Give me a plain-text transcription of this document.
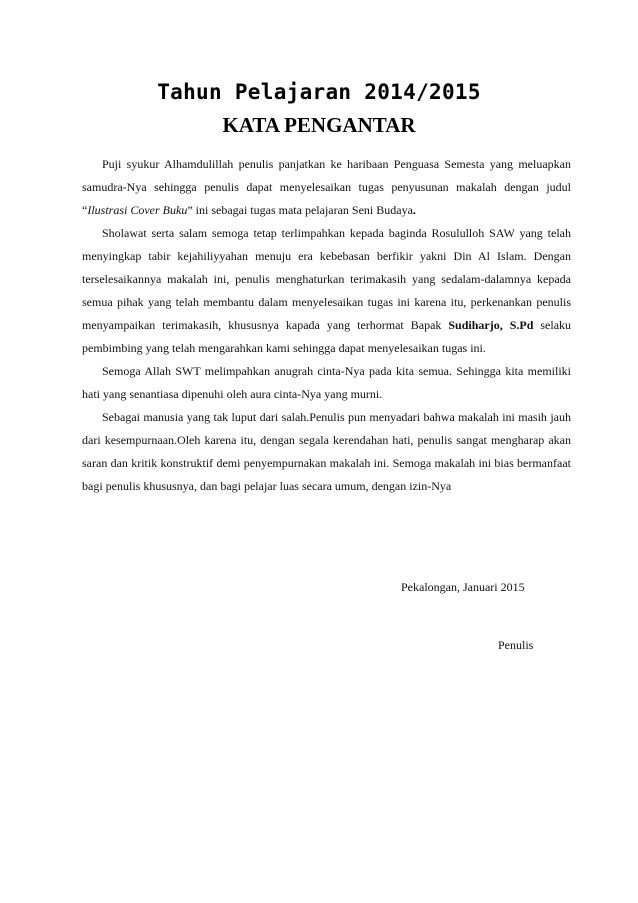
Tahun Pelajaran 2014/2015
KATA PENGANTAR

Puji syukur Alhamdulillah penulis panjatkan ke haribaan Penguasa Semesta yang meluapkan samudra-Nya sehingga penulis dapat menyelesaikan tugas penyusunan makalah dengan judul “Ilustrasi Cover Buku” ini sebagai tugas mata pelajaran Seni Budaya.

Sholawat serta salam semoga tetap terlimpahkan kepada baginda Rosululloh SAW yang telah menyingkap tabir kejahiliyyahan menuju era kebebasan berfikir yakni Din Al Islam. Dengan terselesaikannya makalah ini, penulis menghaturkan terimakasih yang sedalam-dalamnya kepada semua pihak yang telah membantu dalam menyelesaikan tugas ini karena itu, perkenankan penulis menyampaikan terimakasih, khususnya kapada yang terhormat Bapak Sudiharjo, S.Pd selaku pembimbing yang telah mengarahkan kami sehingga dapat menyelesaikan tugas ini.

Semoga Allah SWT melimpahkan anugrah cinta-Nya pada kita semua. Sehingga kita memiliki hati yang senantiasa dipenuhi oleh aura cinta-Nya yang murni.

Sebagai manusia yang tak luput dari salah.Penulis pun menyadari bahwa makalah ini masih jauh dari kesempurnaan.Oleh karena itu, dengan segala kerendahan hati, penulis sangat mengharap akan saran dan kritik konstruktif demi penyempurnakan makalah ini. Semoga makalah ini bias bermanfaat bagi penulis khususnya, dan bagi pelajar luas secara umum, dengan izin-Nya

Pekalongan, Januari 2015
Penulis
